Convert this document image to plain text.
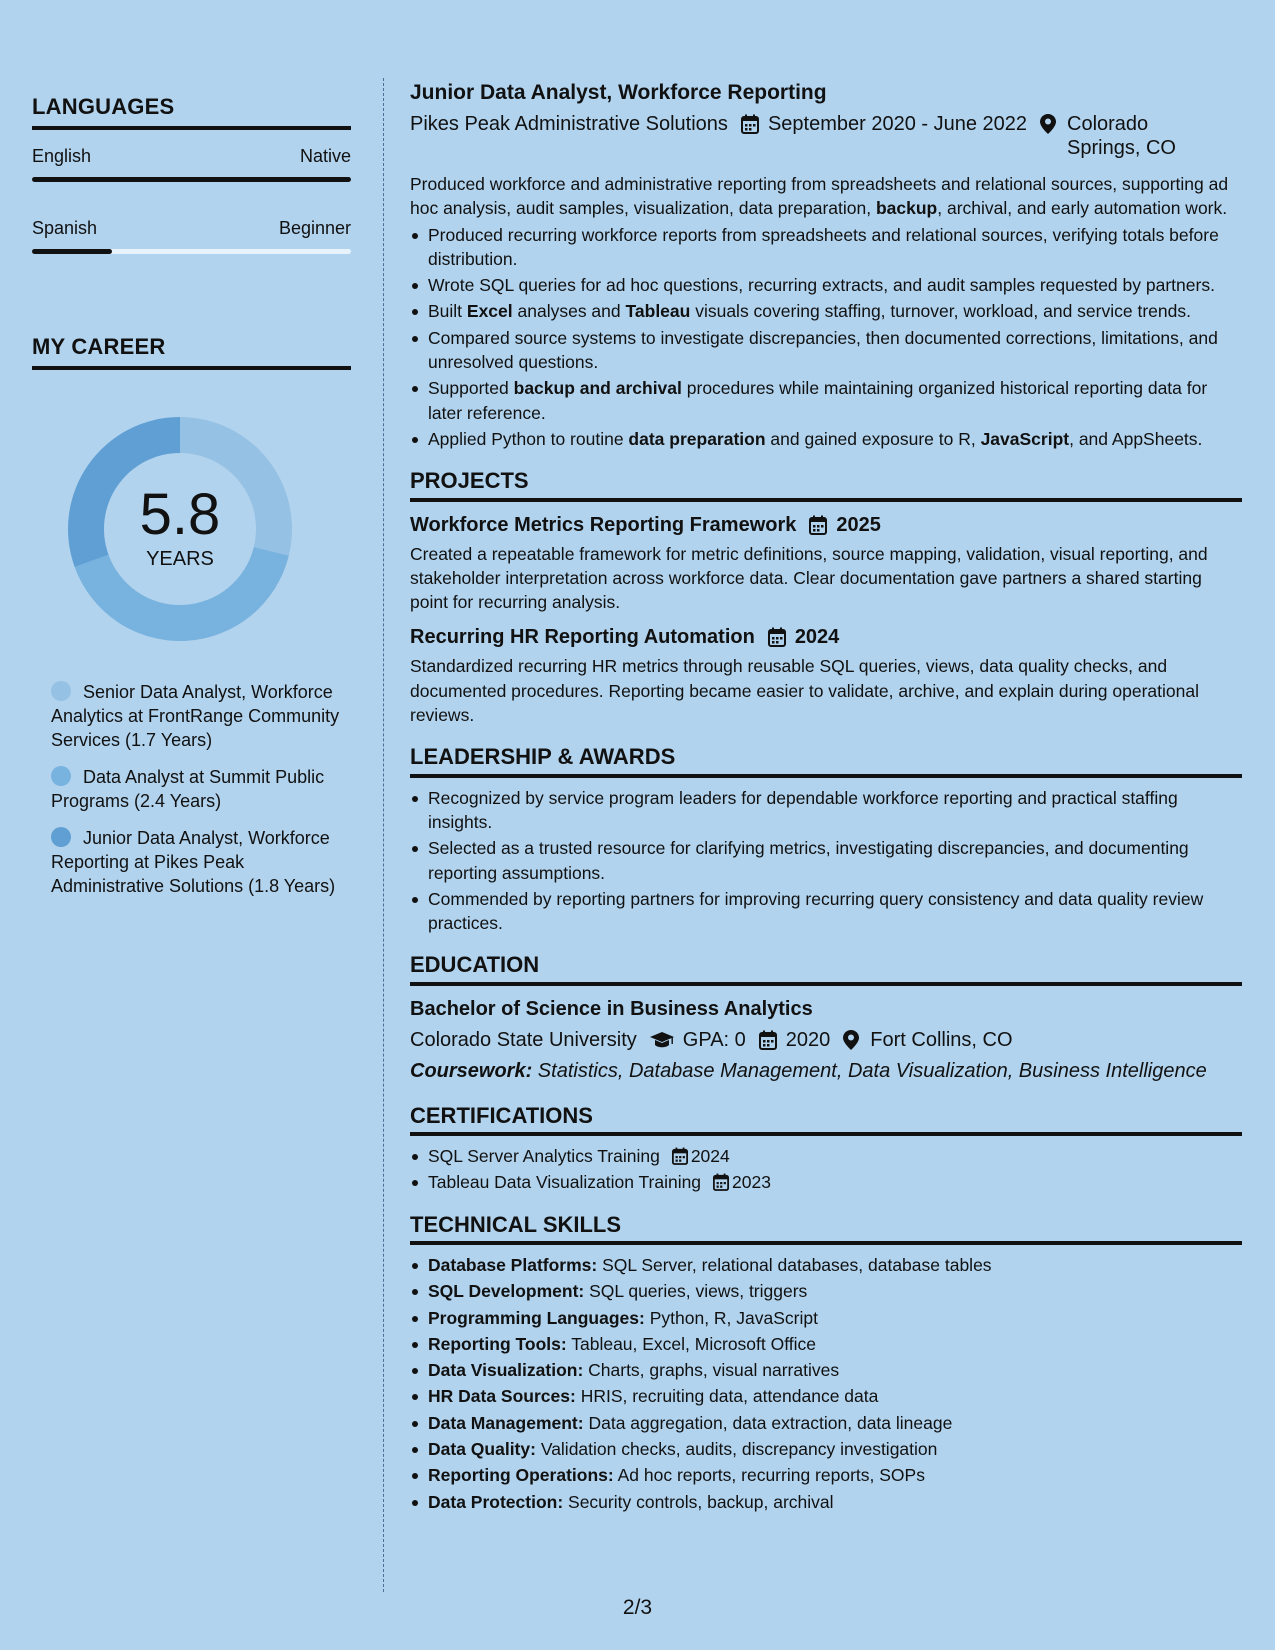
LANGUAGES
English	Native
Spanish	Beginner
MY CAREER
5.8
YEARS
Senior Data Analyst, Workforce Analytics at FrontRange Community Services (1.7 Years)
Data Analyst at Summit Public Programs (2.4 Years)
Junior Data Analyst, Workforce Reporting at Pikes Peak Administrative Solutions (1.8 Years)
Junior Data Analyst, Workforce Reporting
Pikes Peak Administrative Solutions September 2020 - June 2022 Colorado Springs, CO

Produced workforce and administrative reporting from spreadsheets and relational sources, supporting ad hoc analysis, audit samples, visualization, data preparation, backup, archival, and early automation work.

Produced recurring workforce reports from spreadsheets and relational sources, verifying totals before distribution.
Wrote SQL queries for ad hoc questions, recurring extracts, and audit samples requested by partners.
Built Excel analyses and Tableau visuals covering staffing, turnover, workload, and service trends.
Compared source systems to investigate discrepancies, then documented corrections, limitations, and unresolved questions.
Supported backup and archival procedures while maintaining organized historical reporting data for later reference.
Applied Python to routine data preparation and gained exposure to R, JavaScript, and AppSheets.
PROJECTS
Workforce Metrics Reporting Framework 2025

Created a repeatable framework for metric definitions, source mapping, validation, visual reporting, and stakeholder interpretation across workforce data. Clear documentation gave partners a shared starting point for recurring analysis.

Recurring HR Reporting Automation 2024

Standardized recurring HR metrics through reusable SQL queries, views, data quality checks, and documented procedures. Reporting became easier to validate, archive, and explain during operational reviews.

LEADERSHIP & AWARDS
Recognized by service program leaders for dependable workforce reporting and practical staffing insights.
Selected as a trusted resource for clarifying metrics, investigating discrepancies, and documenting reporting assumptions.
Commended by reporting partners for improving recurring query consistency and data quality review practices.
EDUCATION
Bachelor of Science in Business Analytics
Colorado State University GPA: 0 2020 Fort Collins, CO
Coursework: Statistics, Database Management, Data Visualization, Business Intelligence
CERTIFICATIONS
SQL Server Analytics Training 2024
Tableau Data Visualization Training 2023
TECHNICAL SKILLS
Database Platforms: SQL Server, relational databases, database tables
SQL Development: SQL queries, views, triggers
Programming Languages: Python, R, JavaScript
Reporting Tools: Tableau, Excel, Microsoft Office
Data Visualization: Charts, graphs, visual narratives
HR Data Sources: HRIS, recruiting data, attendance data
Data Management: Data aggregation, data extraction, data lineage
Data Quality: Validation checks, audits, discrepancy investigation
Reporting Operations: Ad hoc reports, recurring reports, SOPs
Data Protection: Security controls, backup, archival
2/3
